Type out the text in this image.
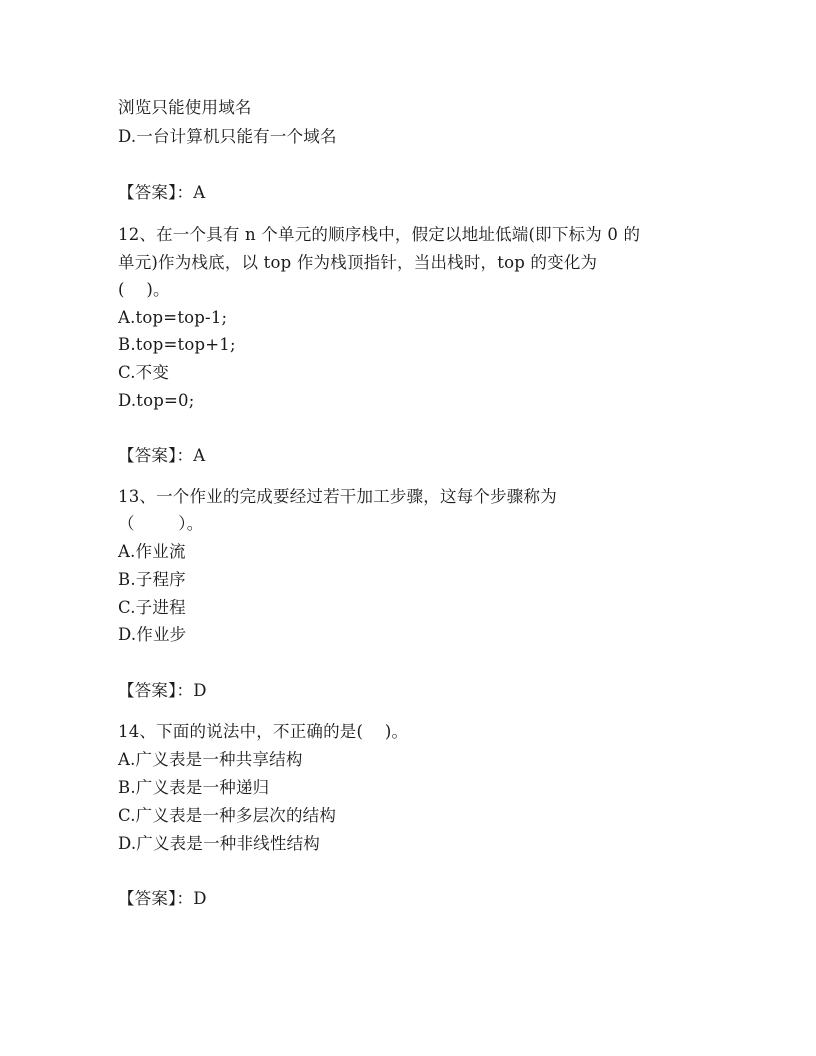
浏览只能使用域名
D.一台计算机只能有一个域名
【答案】：A
12、在一个具有 n 个单元的顺序栈中，假定以地址低端(即下标为 0 的
单元)作为栈底，以 top 作为栈顶指针，当出栈时，top 的变化为
(    )。
A.top=top-1;
B.top=top+1;
C.不变
D.top=0;
【答案】：A
13、一个作业的完成要经过若干加工步骤，这每个步骤称为
（        ）。
A.作业流
B.子程序
C.子进程
D.作业步
【答案】：D
14、下面的说法中，不正确的是(    )。
A.广义表是一种共享结构
B.广义表是一种递归
C.广义表是一种多层次的结构
D.广义表是一种非线性结构
【答案】：D
